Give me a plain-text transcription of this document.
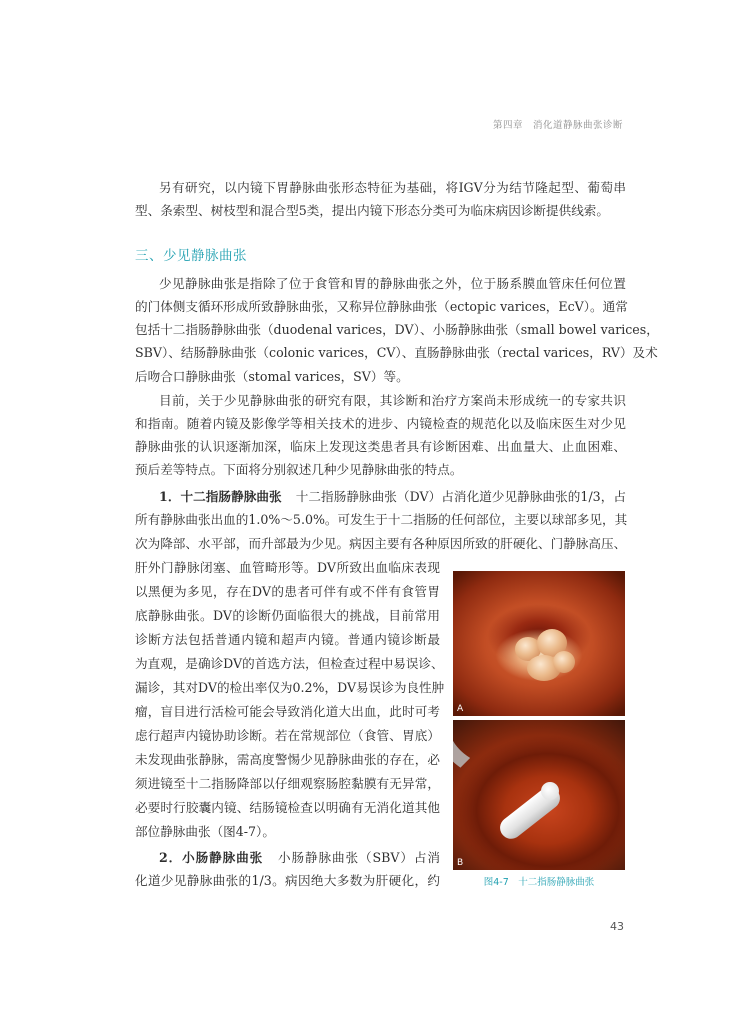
第四章　消化道静脉曲张诊断
另有研究，以内镜下胃静脉曲张形态特征为基础，将IGV分为结节隆起型、葡萄串
型、条索型、树枝型和混合型5类，提出内镜下形态分类可为临床病因诊断提供线索。
三、少见静脉曲张
少见静脉曲张是指除了位于食管和胃的静脉曲张之外，位于肠系膜血管床任何位置
的门体侧支循环形成所致静脉曲张，又称异位静脉曲张（ectopic varices，EcV）。通常
包括十二指肠静脉曲张（duodenal varices，DV）、小肠静脉曲张（small bowel varices，
SBV）、结肠静脉曲张（colonic varices，CV）、直肠静脉曲张（rectal varices，RV）及术
后吻合口静脉曲张（stomal varices，SV）等。
目前，关于少见静脉曲张的研究有限，其诊断和治疗方案尚未形成统一的专家共识
和指南。随着内镜及影像学等相关技术的进步、内镜检查的规范化以及临床医生对少见
静脉曲张的认识逐渐加深，临床上发现这类患者具有诊断困难、出血量大、止血困难、
预后差等特点。下面将分别叙述几种少见静脉曲张的特点。
1．十二指肠静脉曲张 十二指肠静脉曲张（DV）占消化道少见静脉曲张的1/3，占
所有静脉曲张出血的1.0%～5.0%。可发生于十二指肠的任何部位，主要以球部多见，其
次为降部、水平部，而升部最为少见。病因主要有各种原因所致的肝硬化、门静脉高压、
肝外门静脉闭塞、血管畸形等。DV所致出血临床表现
以黑便为多见，存在DV的患者可伴有或不伴有食管胃
底静脉曲张。DV的诊断仍面临很大的挑战，目前常用
诊断方法包括普通内镜和超声内镜。普通内镜诊断最
为直观，是确诊DV的首选方法，但检查过程中易误诊、
漏诊，其对DV的检出率仅为0.2%，DV易误诊为良性肿
瘤，盲目进行活检可能会导致消化道大出血，此时可考
虑行超声内镜协助诊断。若在常规部位（食管、胃底）
未发现曲张静脉，需高度警惕少见静脉曲张的存在，必
须进镜至十二指肠降部以仔细观察肠腔黏膜有无异常，
必要时行胶囊内镜、结肠镜检查以明确有无消化道其他
部位静脉曲张（图4-7）。
2．小肠静脉曲张 小肠静脉曲张（SBV）占消
化道少见静脉曲张的1/3。病因绝大多数为肝硬化，约
A
B
图4-7　十二指肠静脉曲张
43
